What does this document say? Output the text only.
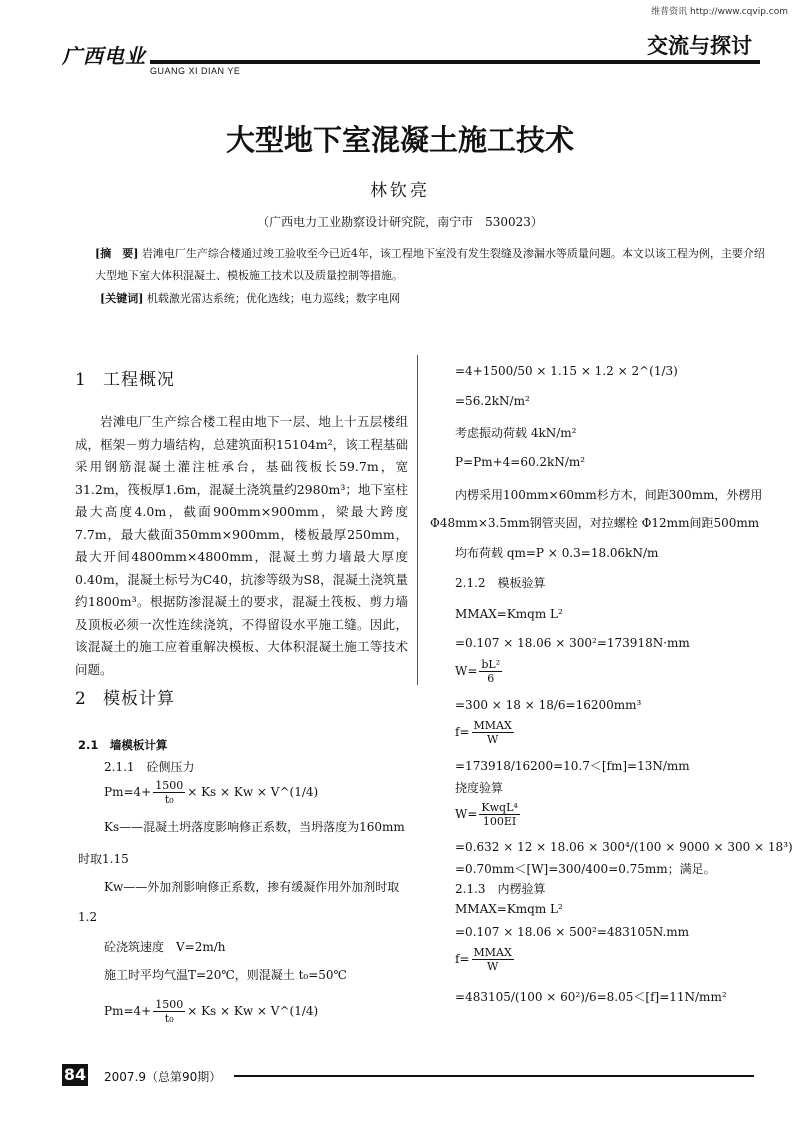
维普资讯 http://www.cqvip.com
广西电业
GUANG XI DIAN YE
交流与探讨
大型地下室混凝土施工技术
林钦亮
（广西电力工业勘察设计研究院，南宁市　530023）
[摘　要] 岩滩电厂生产综合楼通过竣工验收至今已近4年，该工程地下室没有发生裂缝及渗漏水等质量问题。本文以该工程为例，主要介绍大型地下室大体积混凝土、模板施工技术以及质量控制等措施。
[关键词] 机载激光雷达系统；优化选线；电力巡线；数字电网
1 工程概况
岩滩电厂生产综合楼工程由地下一层、地上十五层楼组成，框架－剪力墙结构，总建筑面积15104m²，该工程基础采用钢筋混凝土灌注桩承台，基础筏板长59.7m，宽31.2m，筏板厚1.6m，混凝土浇筑量约2980m³；地下室柱最大高度4.0m，截面900mm×900mm，梁最大跨度7.7m，最大截面350mm×900mm，楼板最厚250mm，最大开间4800mm×4800mm，混凝土剪力墙最大厚度0.40m，混凝土标号为C40，抗渗等级为S8，混凝土浇筑量约1800m³。根据防渗混凝土的要求，混凝土筏板、剪力墙及顶板必须一次性连续浇筑，不得留设水平施工缝。因此，该混凝土的施工应着重解决模板、大体积混凝土施工等技术问题。
2 模板计算
2.1　墙模板计算
2.1.1　砼侧压力
$Pm=4+ \frac{1500}{\text{t₀}} \times Ks \times Kw$ × V^(1/4)
Ks——混凝土坍落度影响修正系数，当坍落度为160mm
时取1.15
Kw——外加剂影响修正系数，掺有缓凝作用外加剂时取
1.2
砼浇筑速度　V=2m/h
施工时平均气温T=20℃，则混凝土 t₀=50℃
$Pm=4+ \frac{1500}{\text{t₀}} \times Ks \times Kw$ × V^(1/4)
=4+1500/50 × 1.15 × 1.2 × 2^(1/3)
=56.2kN/m²
考虑振动荷载 4kN/m²
P=Pm+4=60.2kN/m²
内楞采用100mm×60mm杉方木，间距300mm，外楞用
Φ48mm×3.5mm钢管夹固，对拉螺栓 Φ12mm间距500mm
均布荷载 qm=P × 0.3=18.06kN/m
2.1.2　模板验算
MMAX=Kmqm L²
=0.107 × 18.06 × 300²=173918N·mm
$W= \frac{\text{bL²}}{6}$
=300 × 18 × 18/6=16200mm³
$f= \frac{\text{MMAX}}{W}$
=173918/16200=10.7＜[fm]=13N/mm
挠度验算
$W= \frac{\text{KwqL⁴}}{100EI}$
=0.632 × 12 × 18.06 × 300⁴/(100 × 9000 × 300 × 18³)
=0.70mm＜[W]=300/400=0.75mm；满足。
2.1.3　内楞验算
MMAX=Kmqm L²
=0.107 × 18.06 × 500²=483105N.mm
$f= \frac{\text{MMAX}}{W}$
=483105/(100 × 60²)/6=8.05＜[f]=11N/mm²
84 2007.9（总第90期）
